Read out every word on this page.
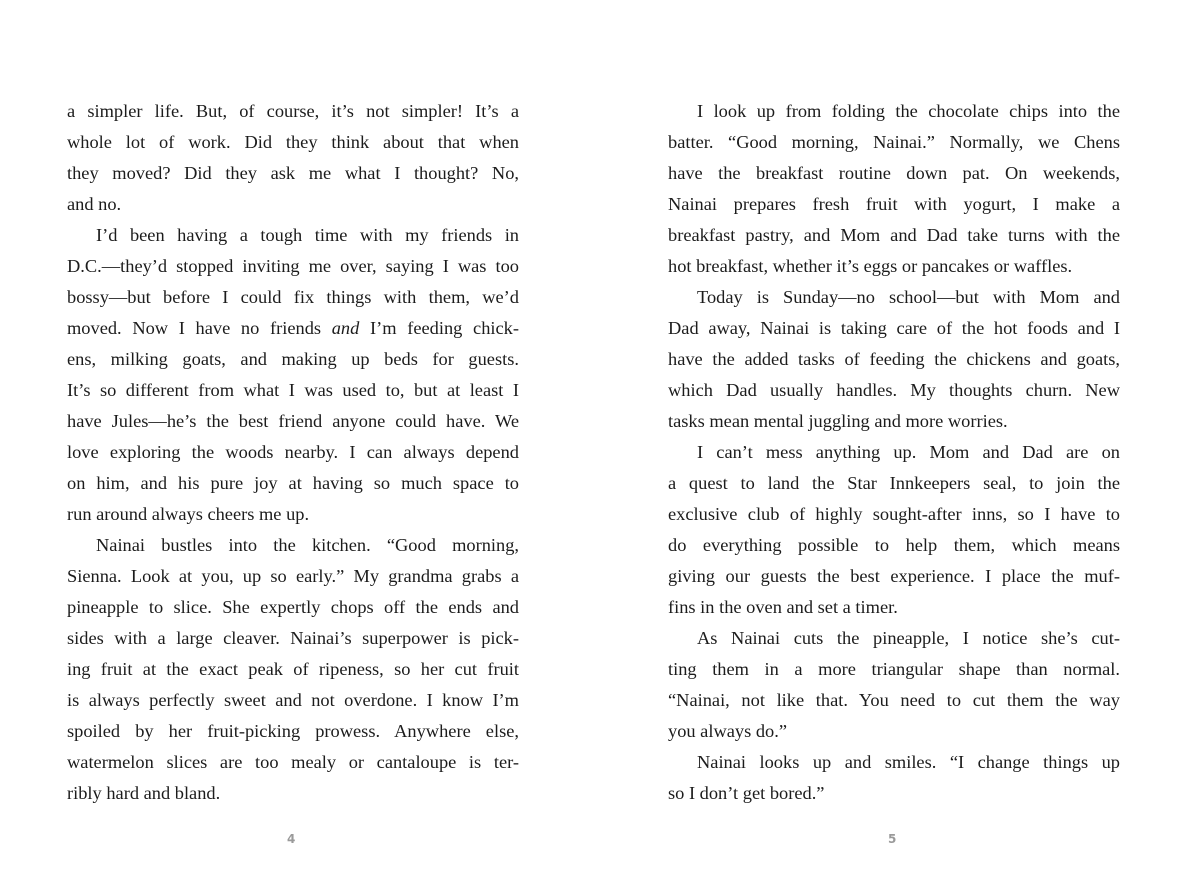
a simpler life. But, of course, it’s not simpler! It’s a
whole lot of work. Did they think about that when
they moved? Did they ask me what I thought? No,
and no.
I’d been having a tough time with my friends in
D.C.—they’d stopped inviting me over, saying I was too
bossy—but before I could fix things with them, we’d
moved. Now I have no friends and I’m feeding chick-
ens, milking goats, and making up beds for guests.
It’s so different from what I was used to, but at least I
have Jules—he’s the best friend anyone could have. We
love exploring the woods nearby. I can always depend
on him, and his pure joy at having so much space to
run around always cheers me up.
Nainai bustles into the kitchen. “Good morning,
Sienna. Look at you, up so early.” My grandma grabs a
pineapple to slice. She expertly chops off the ends and
sides with a large cleaver. Nainai’s superpower is pick-
ing fruit at the exact peak of ripeness, so her cut fruit
is always perfectly sweet and not overdone. I know I’m
spoiled by her fruit-picking prowess. Anywhere else,
watermelon slices are too mealy or cantaloupe is ter-
ribly hard and bland.
4
I look up from folding the chocolate chips into the
batter. “Good morning, Nainai.” Normally, we Chens
have the breakfast routine down pat. On weekends,
Nainai prepares fresh fruit with yogurt, I make a
breakfast pastry, and Mom and Dad take turns with the
hot breakfast, whether it’s eggs or pancakes or waffles.
Today is Sunday—no school—but with Mom and
Dad away, Nainai is taking care of the hot foods and I
have the added tasks of feeding the chickens and goats,
which Dad usually handles. My thoughts churn. New
tasks mean mental juggling and more worries.
I can’t mess anything up. Mom and Dad are on
a quest to land the Star Innkeepers seal, to join the
exclusive club of highly sought-after inns, so I have to
do everything possible to help them, which means
giving our guests the best experience. I place the muf-
fins in the oven and set a timer.
As Nainai cuts the pineapple, I notice she’s cut-
ting them in a more triangular shape than normal.
“Nainai, not like that. You need to cut them the way
you always do.”
Nainai looks up and smiles. “I change things up
so I don’t get bored.”
5
